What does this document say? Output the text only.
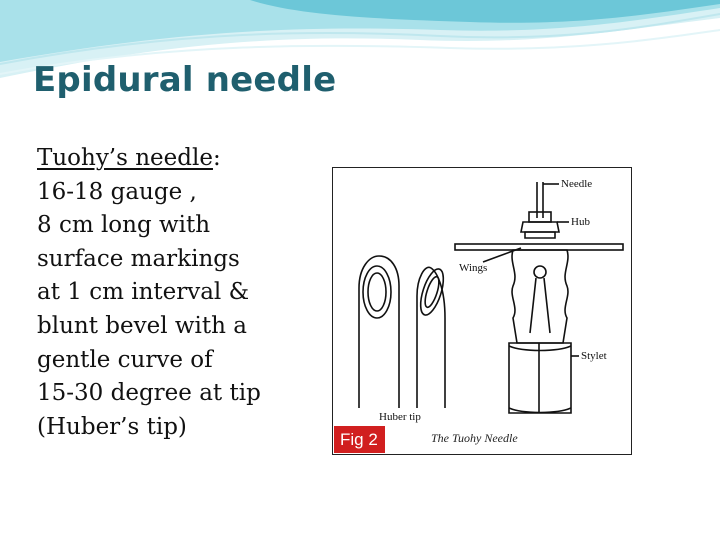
Epidural needle
Tuohy’s needle:
16-18 gauge ,
8 cm long with
surface markings
at 1 cm interval &
blunt bevel with a
gentle curve of
15-30 degree at tip
(Huber’s tip)
Needle
Hub
Wings
Stylet
Huber tip
Fig 2	The Tuohy Needle
